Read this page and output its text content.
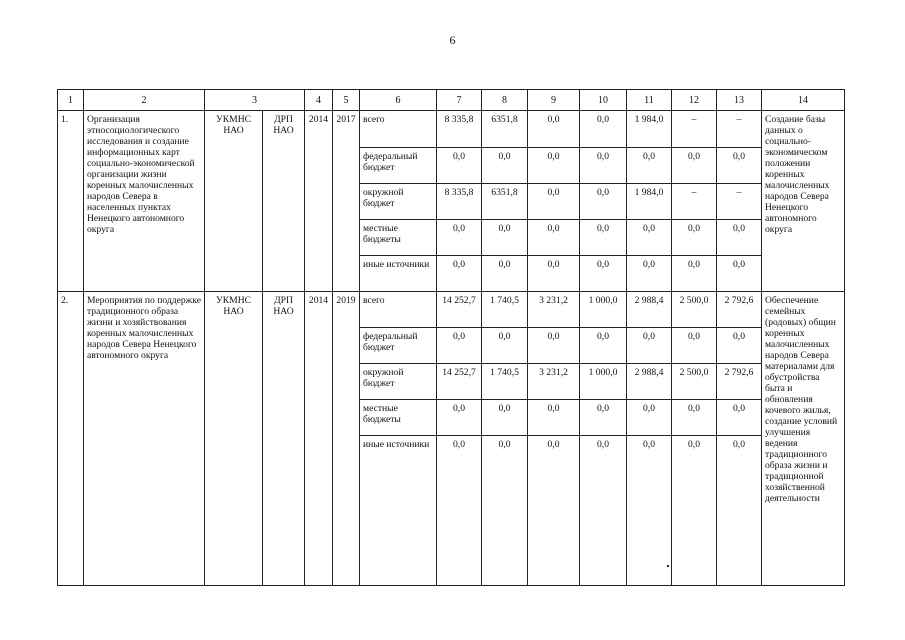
6
1	2	3		4	5	6	7	8	9	10	11	12	13	14
1.	Организация этносоциологического исследования и создание информационных карт социально-экономической организации жизни коренных малочисленных народов Севера в населенных пунктах Ненецкого автономного округа	УКМНС НАО	ДРП НАО	2014	2017	всего	8 335,8	6351,8	0,0	0,0	1 984,0	–	–	Создание базы данных о социально-экономическом положении коренных малочисленных народов Севера Ненецкого автономного округа
						федеральный бюджет	0,0	0,0	0,0	0,0	0,0	0,0	0,0	
						окружной бюджет	8 335,8	6351,8	0,0	0,0	1 984,0	–	–	
						местные бюджеты	0,0	0,0	0,0	0,0	0,0	0,0	0,0	
						иные источники	0,0	0,0	0,0	0,0	0,0	0,0	0,0	
2.	Мероприятия по поддержке традиционного образа жизни и хозяйствования коренных малочисленных народов Севера Ненецкого автономного округа	УКМНС НАО	ДРП НАО	2014	2019	всего	14 252,7	1 740,5	3 231,2	1 000,0	2 988,4	2 500,0	2 792,6	Обеспечение семейных (родовых) общин коренных малочисленных народов Севера материалами для обустройства быта и обновления кочевого жилья, создание условий улучшения ведения традиционного образа жизни и традиционной хозяйственной деятельности
						федеральный бюджет	0,0	0,0	0,0	0,0	0,0	0,0	0,0	
						окружной бюджет	14 252,7	1 740,5	3 231,2	1 000,0	2 988,4	2 500,0	2 792,6	
						местные бюджеты	0,0	0,0	0,0	0,0	0,0	0,0	0,0	
						иные источники	0,0	0,0	0,0	0,0	0,0	0,0	0,0	
